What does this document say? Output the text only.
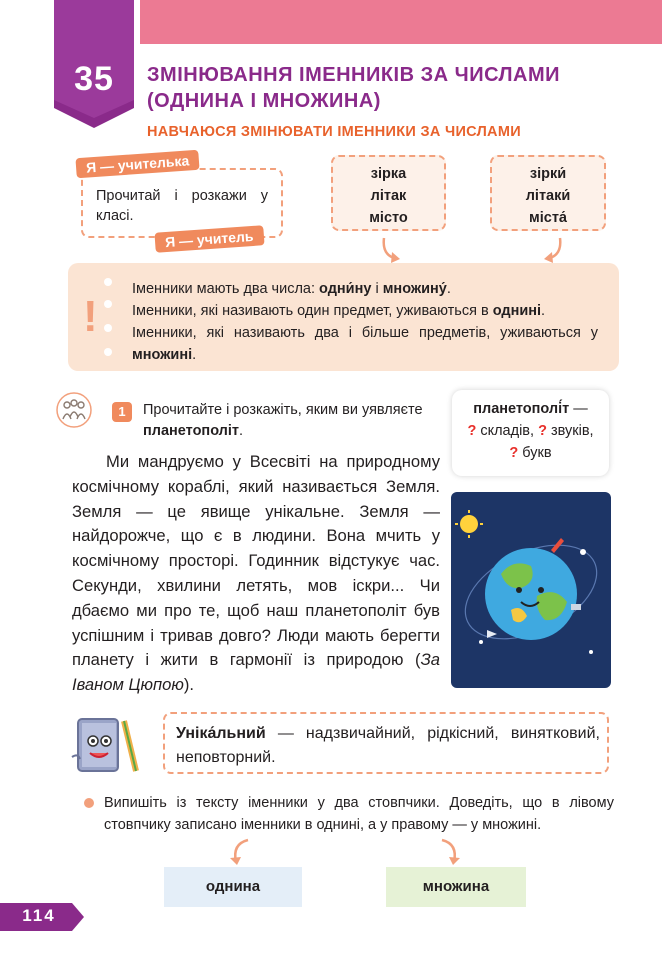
35	ЗМІНЮВАННЯ ІМЕННИКІВ ЗА ЧИСЛАМИ (ОДНИНА І МНОЖИНА)
НАВЧАЮСЯ ЗМІНЮВАТИ ІМЕННИКИ ЗА ЧИСЛАМИ
Прочитай і розкажи у класі.
Я — учителька
Я — учитель
зірка
літак
місто
зірки́
літаки́
міста́
!
Іменники мають два числа: одни́ну і множину́.
Іменники, які називають один предмет, уживаються в однині.
Іменники, які називають два і більше предметів, уживаються у множині.
1	Прочитайте і розкажіть, яким ви уявляєте планетополіт.
планетополі́т —
? складів, ? звуків,
? букв

Ми мандруємо у Всесвіті на природному космічному кораблі, який називається Земля. Земля — це явище унікальне. Земля — найдорожче, що є в людини. Вона мчить у космічному просторі. Годинник відстукує час. Секунди, хвилини летять, мов іскри... Чи дбаємо ми про те, щоб наш планетополіт був успішним і тривав довго? Люди мають берегти планету і жити в гармонії із природою (За Іваном Цюпою).

Уніка́льний — надзвичайний, рідкісний, винятковий, неповторний.
Випишіть із тексту іменники у два стовпчики. Доведіть, що в лівому стовпчику записано іменники в однині, а у правому — у множині.
однина	множина
114
